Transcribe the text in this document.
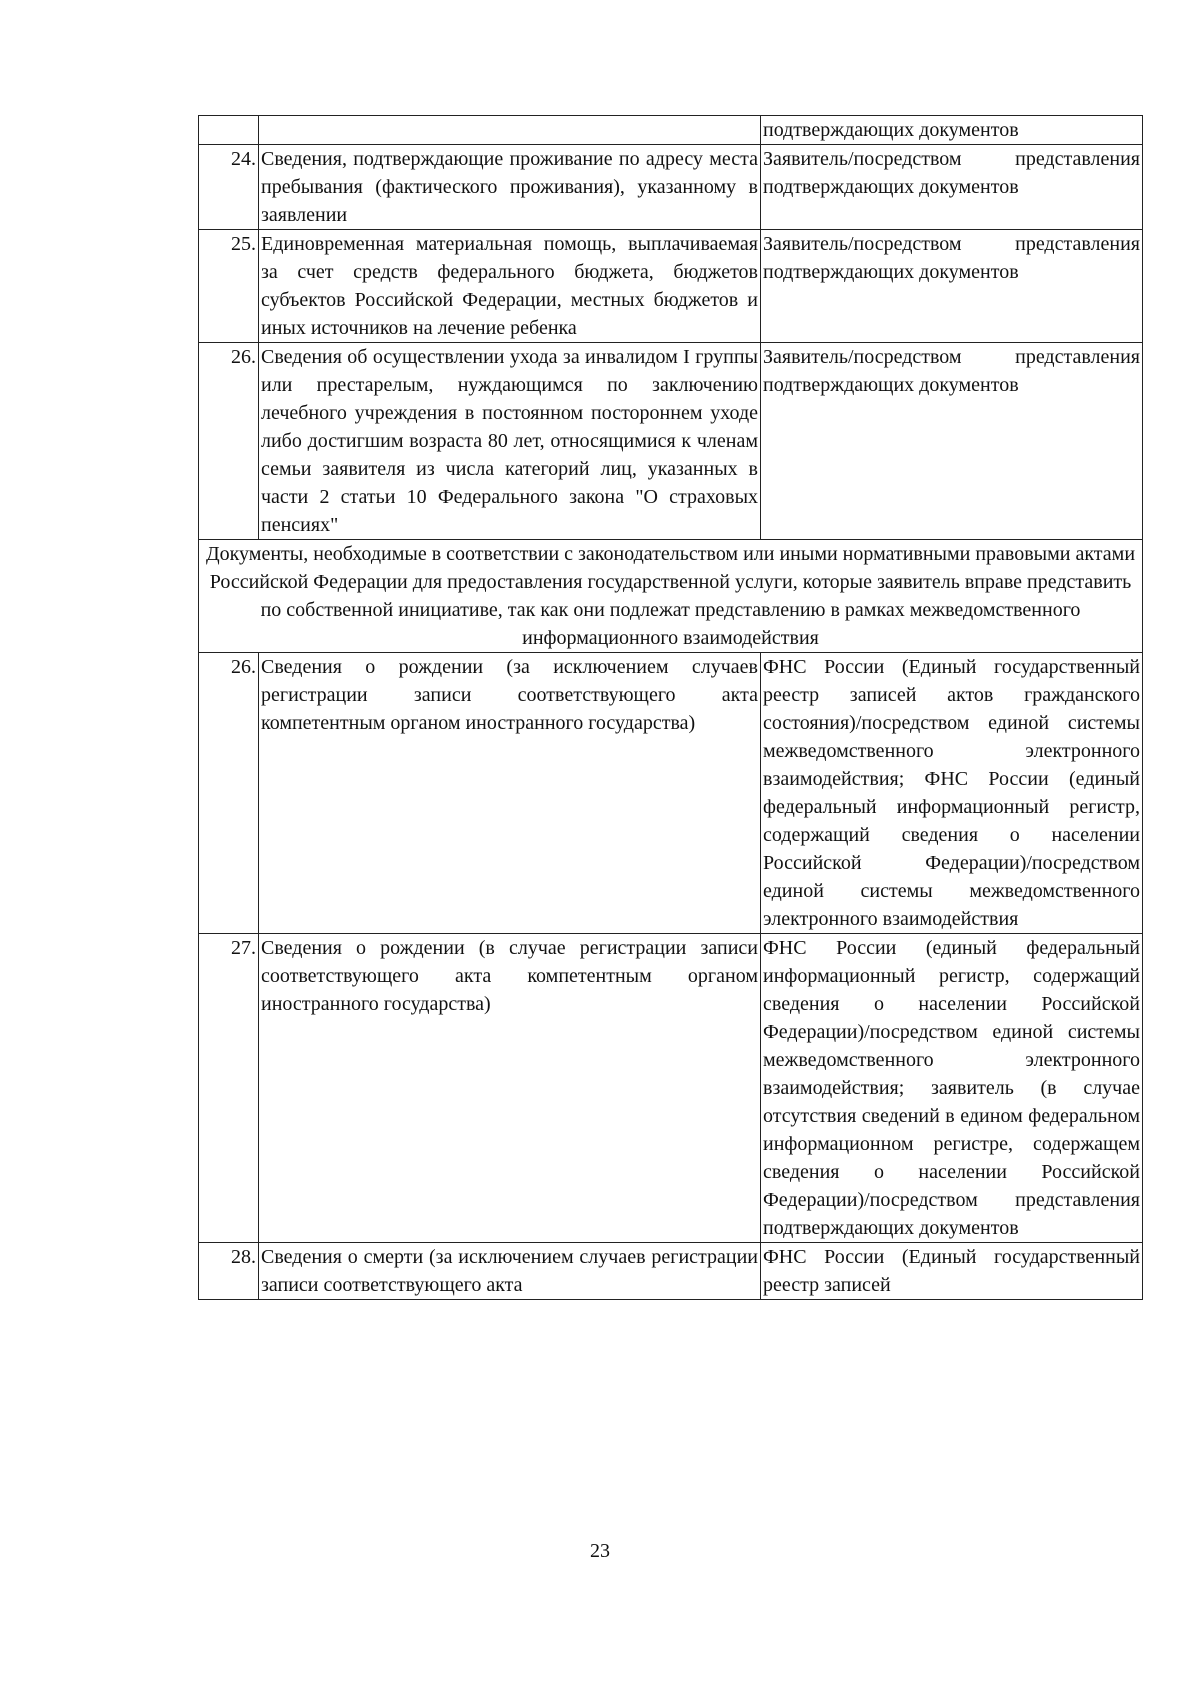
		подтверждающих документов
24.	Сведения, подтверждающие проживание по адресу места пребывания (фактического проживания), указанному в заявлении	Заявитель/посредством представления подтверждающих документов
25.	Единовременная материальная помощь, выплачиваемая за счет средств федерального бюджета, бюджетов субъектов Российской Федерации, местных бюджетов и иных источников на лечение ребенка	Заявитель/посредством представления подтверждающих документов
26.	Сведения об осуществлении ухода за инвалидом I группы или престарелым, нуждающимся по заключению лечебного учреждения в постоянном постороннем уходе либо достигшим возраста 80 лет, относящимися к членам семьи заявителя из числа категорий лиц, указанных в части 2 статьи 10 Федерального закона "О страховых пенсиях"	Заявитель/посредством представления подтверждающих документов
Документы, необходимые в соответствии с законодательством или иными нормативными правовыми актами Российской Федерации для предоставления государственной услуги, которые заявитель вправе представить по собственной инициативе, так как они подлежат представлению в рамках межведомственного информационного взаимодействия		
26.	Сведения о рождении (за исключением случаев регистрации записи соответствующего акта компетентным органом иностранного государства)	ФНС России (Единый государственный реестр записей актов гражданского состояния)/посредством единой системы межведомственного электронного взаимодействия; ФНС России (единый федеральный информационный регистр, содержащий сведения о населении Российской Федерации)/посредством единой системы межведомственного электронного взаимодействия
27.	Сведения о рождении (в случае регистрации записи соответствующего акта компетентным органом иностранного государства)	ФНС России (единый федеральный информационный регистр, содержащий сведения о населении Российской Федерации)/посредством единой системы межведомственного электронного взаимодействия; заявитель (в случае отсутствия сведений в едином федеральном информационном регистре, содержащем сведения о населении Российской Федерации)/посредством представления подтверждающих документов
28.	Сведения о смерти (за исключением случаев регистрации записи соответствующего акта	ФНС России (Единый государственный реестр записей
23
